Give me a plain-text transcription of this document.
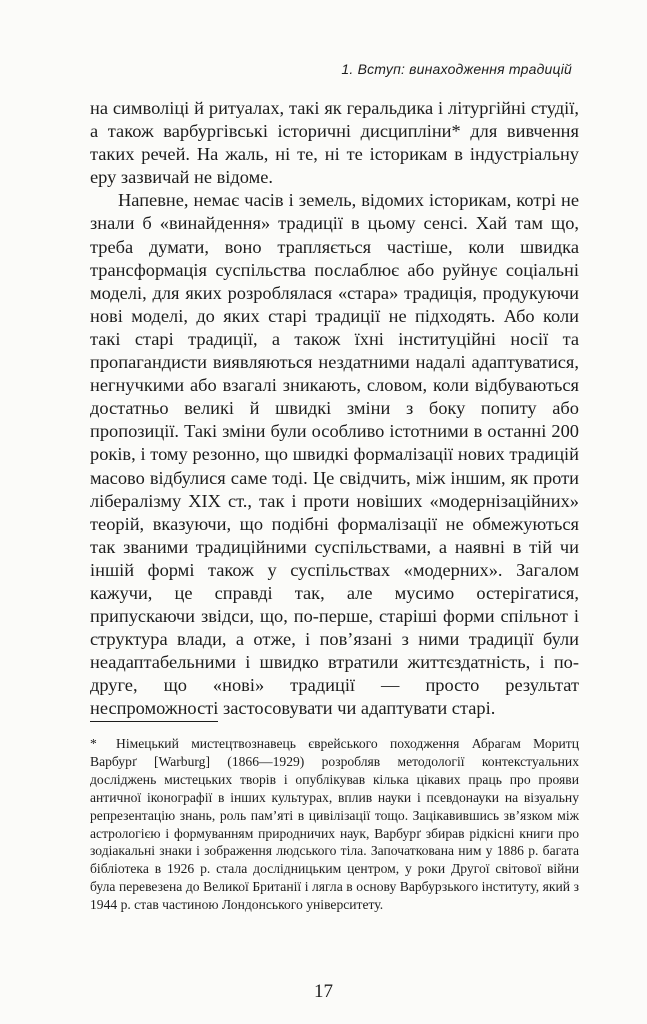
1. Вступ: винаходження традицій

на символіці й ритуалах, такі як геральдика і літургійні студії, а також варбургівські історичні дисципліни* для вивчення таких речей. На жаль, ні те, ні те історикам в індустріальну еру зазвичай не відоме.

Напевне, немає часів і земель, відомих історикам, котрі не знали б «винайдення» традиції в цьому сенсі. Хай там що, треба думати, воно трапляється частіше, коли швидка трансформація суспільства послаблює або руйнує соціальні моделі, для яких розроблялася «стара» традиція, продукуючи нові моделі, до яких старі традиції не підходять. Або коли такі старі традиції, а також їхні інституційні носії та пропагандисти виявляються нездатними надалі адаптуватися, негнучкими або взагалі зникають, словом, коли відбуваються достатньо великі й швидкі зміни з боку попиту або пропозиції. Такі зміни були особливо істотними в останні 200 років, і тому резонно, що швидкі формалізації нових традицій масово відбулися саме тоді. Це свідчить, між іншим, як проти лібералізму XIX ст., так і проти новіших «модернізаційних» теорій, вказуючи, що подібні формалізації не обмежуються так званими традиційними суспільствами, а наявні в тій чи іншій формі також у суспільствах «модерних». Загалом кажучи, це справді так, але мусимо остерігатися, припускаючи звідси, що, по-перше, старіші форми спільнот і структура влади, а отже, і пов’язані з ними традиції були неадаптабельними і швидко втратили життєздатність, і по-друге, що «нові» традиції — просто результат неспроможності застосовувати чи адаптувати старі.

* Німецький мистецтвознавець єврейського походження Абрагам Моритц Варбурґ [Warburg] (1866—1929) розробляв методології контекстуальних досліджень мистецьких творів і опублікував кілька цікавих праць про прояви античної іконографії в інших культурах, вплив науки і псевдонауки на візуальну репрезентацію знань, роль пам’яті в цивілізації тощо. Зацікавившись зв’язком між астрологією і формуванням природничих наук, Варбурґ збирав рідкісні книги про зодіакальні знаки і зображення людського тіла. Започаткована ним у 1886 р. багата бібліотека в 1926 р. стала дослідницьким центром, у роки Другої світової війни була перевезена до Великої Британії і лягла в основу Варбурзького інституту, який з 1944 р. став частиною Лондонського університету.
17
